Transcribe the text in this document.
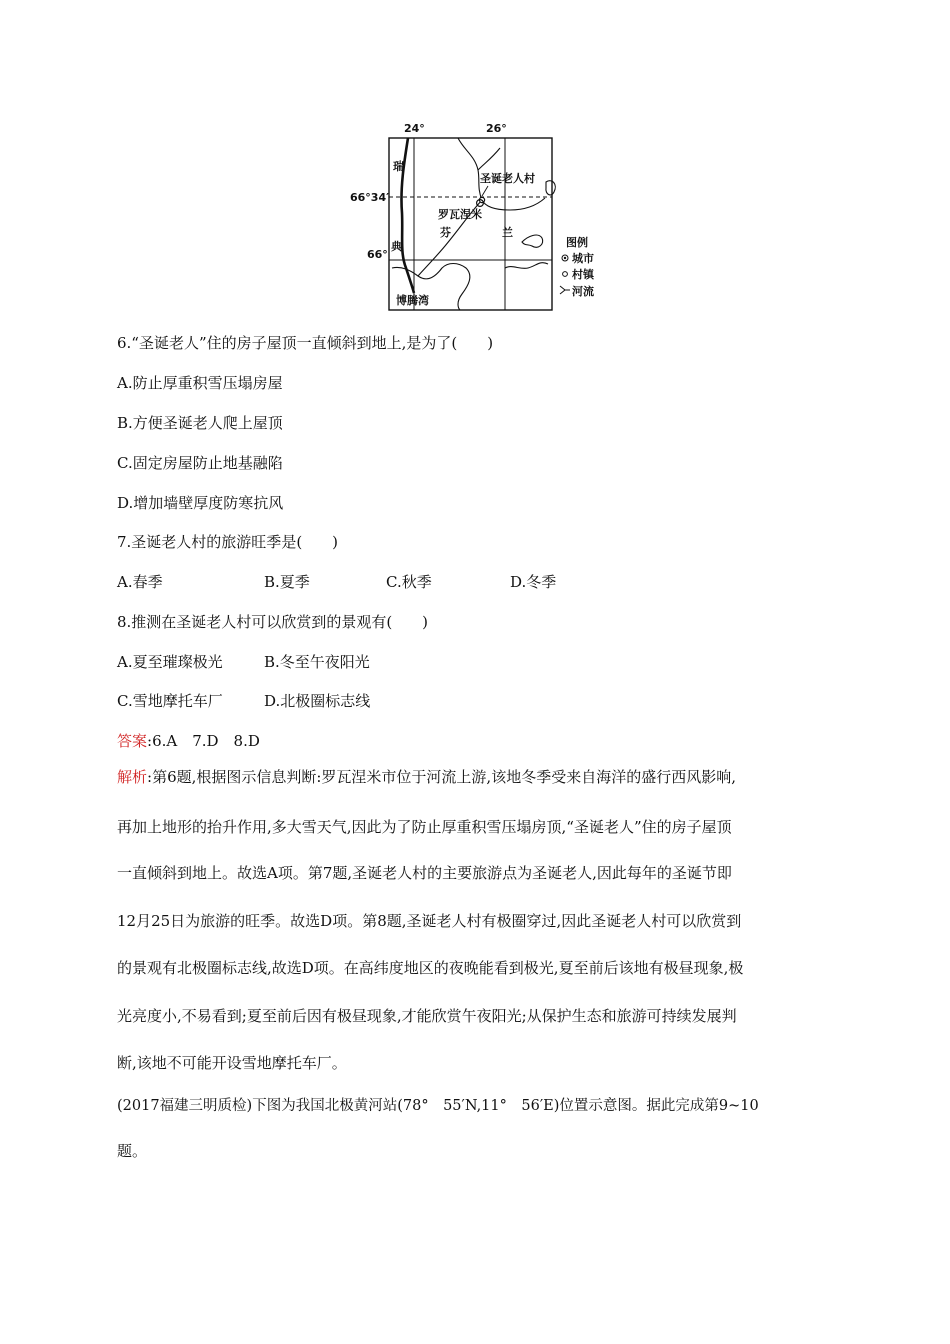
24°	26°
66°34′
66°
瑞
典
圣诞老人村
罗瓦涅米
芬	兰
博腾湾
图例
城市
村镇
河流
6.“圣诞老人”住的房子屋顶一直倾斜到地上,是为了(　　)
A.防止厚重积雪压塌房屋
B.方便圣诞老人爬上屋顶
C.固定房屋防止地基融陷
D.增加墙壁厚度防寒抗风
7.圣诞老人村的旅游旺季是(　　)
A.春季	B.夏季	C.秋季	D.冬季
8.推测在圣诞老人村可以欣赏到的景观有(　　)
A.夏至璀璨极光	B.冬至午夜阳光
C.雪地摩托车厂	D.北极圈标志线
答案:6.A　7.D　8.D
解析:第6题,根据图示信息判断:罗瓦涅米市位于河流上游,该地冬季受来自海洋的盛行西风影响,
再加上地形的抬升作用,多大雪天气,因此为了防止厚重积雪压塌房顶,“圣诞老人”住的房子屋顶
一直倾斜到地上。故选A项。第7题,圣诞老人村的主要旅游点为圣诞老人,因此每年的圣诞节即
12月25日为旅游的旺季。故选D项。第8题,圣诞老人村有极圈穿过,因此圣诞老人村可以欣赏到
的景观有北极圈标志线,故选D项。在高纬度地区的夜晚能看到极光,夏至前后该地有极昼现象,极
光亮度小,不易看到;夏至前后因有极昼现象,才能欣赏午夜阳光;从保护生态和旅游可持续发展判
断,该地不可能开设雪地摩托车厂。
(2017福建三明质检)下图为我国北极黄河站(78°　55′N,11°　56′E)位置示意图。据此完成第9~10
题。
